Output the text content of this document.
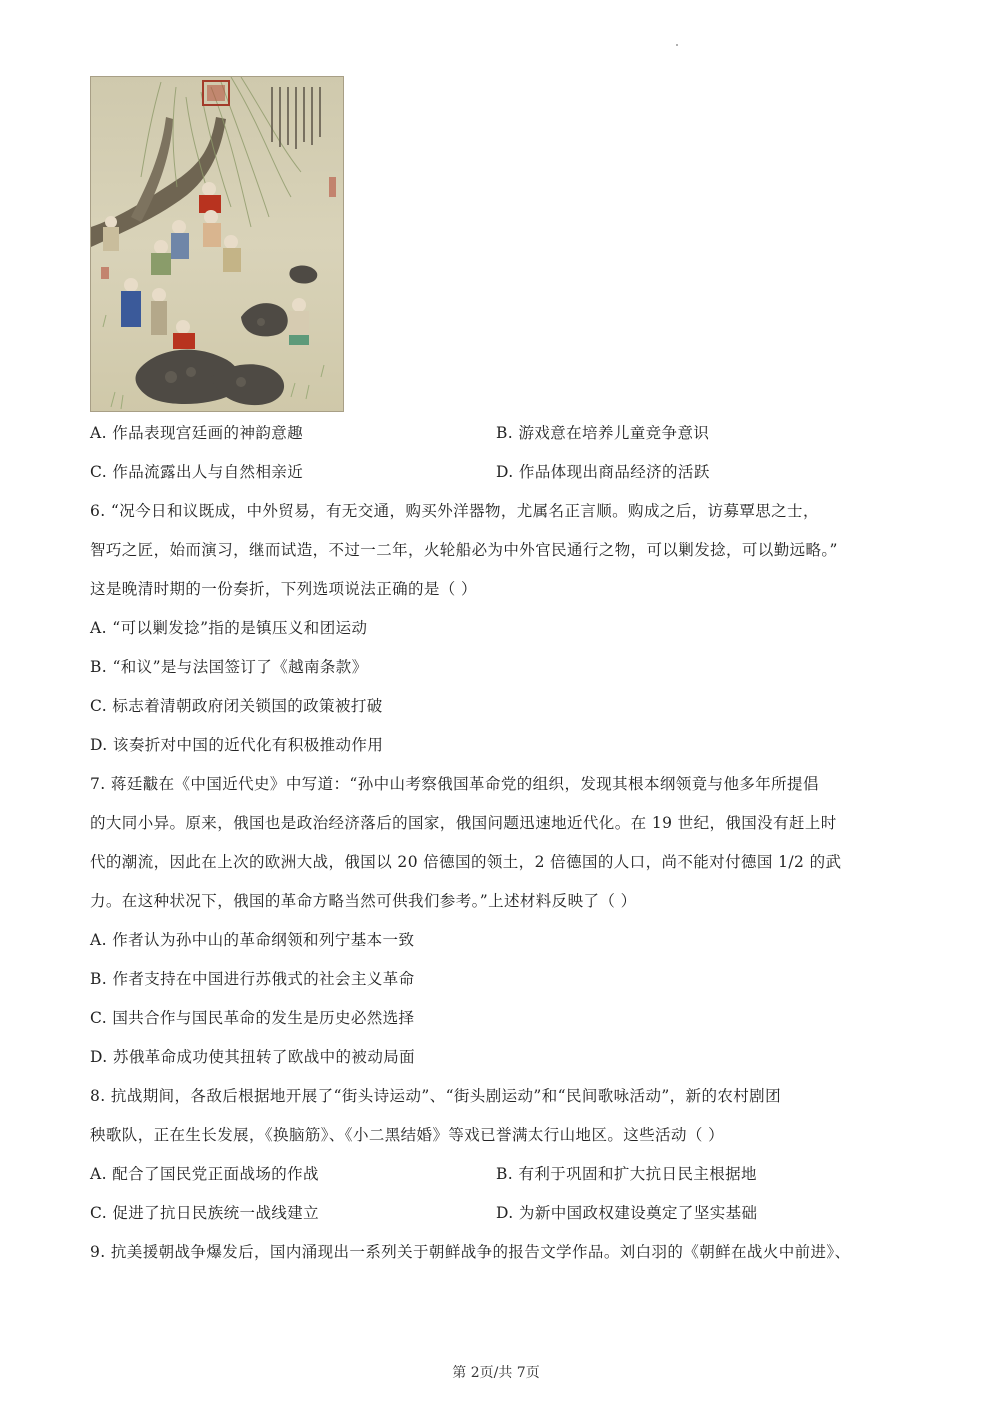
A. 作品表现宫廷画的神韵意趣	B. 游戏意在培养儿童竞争意识
C. 作品流露出人与自然相亲近	D. 作品体现出商品经济的活跃
6. “况今日和议既成，中外贸易，有无交通，购买外洋器物，尤属名正言顺。购成之后，访募覃思之士，
智巧之匠，始而演习，继而试造，不过一二年，火轮船必为中外官民通行之物，可以剿发捻，可以勤远略。”
这是晚清时期的一份奏折，下列选项说法正确的是（ ）
A. “可以剿发捻”指的是镇压义和团运动
B. “和议”是与法国签订了《越南条款》
C. 标志着清朝政府闭关锁国的政策被打破
D. 该奏折对中国的近代化有积极推动作用
7. 蒋廷黻在《中国近代史》中写道：“孙中山考察俄国革命党的组织，发现其根本纲领竟与他多年所提倡
的大同小异。原来，俄国也是政治经济落后的国家，俄国问题迅速地近代化。在 19 世纪，俄国没有赶上时
代的潮流，因此在上次的欧洲大战，俄国以 20 倍德国的领土，2 倍德国的人口，尚不能对付德国 1/2 的武
力。在这种状况下，俄国的革命方略当然可供我们参考。”上述材料反映了（ ）
A. 作者认为孙中山的革命纲领和列宁基本一致
B. 作者支持在中国进行苏俄式的社会主义革命
C. 国共合作与国民革命的发生是历史必然选择
D. 苏俄革命成功使其扭转了欧战中的被动局面
8. 抗战期间，各敌后根据地开展了“街头诗运动”、“街头剧运动”和“民间歌咏活动”，新的农村剧团
秧歌队，正在生长发展，《换脑筋》、《小二黑结婚》等戏已誉满太行山地区。这些活动（ ）
A. 配合了国民党正面战场的作战	B. 有利于巩固和扩大抗日民主根据地
C. 促进了抗日民族统一战线建立	D. 为新中国政权建设奠定了坚实基础
9. 抗美援朝战争爆发后，国内涌现出一系列关于朝鲜战争的报告文学作品。刘白羽的《朝鲜在战火中前进》、
第 2页/共 7页
